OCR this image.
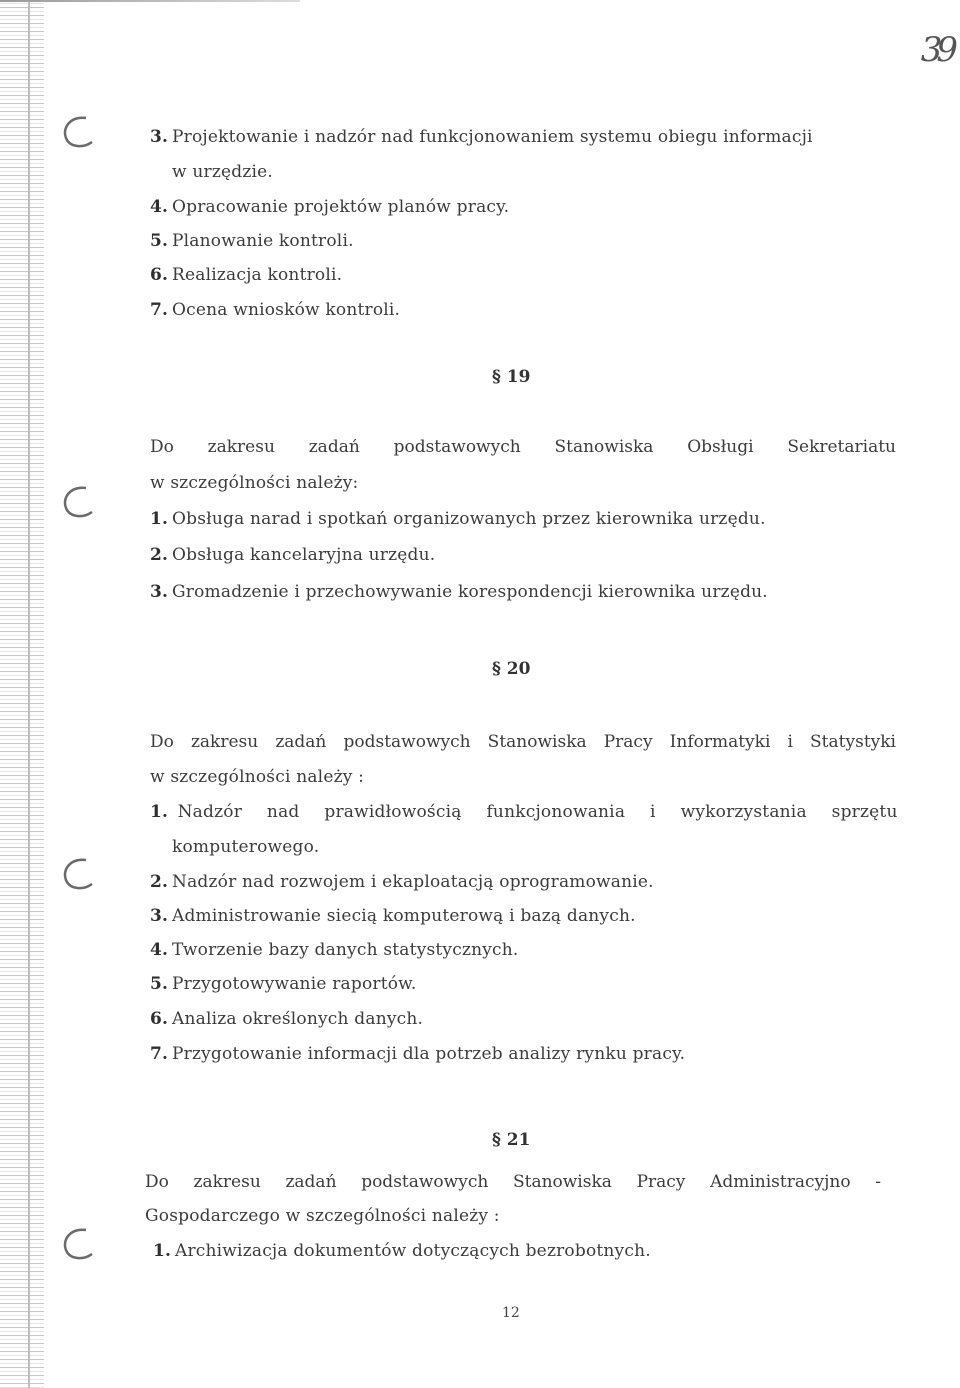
39
3. Projektowanie i nadzór nad funkcjonowaniem systemu obiegu informacji
w urzędzie.
4. Opracowanie projektów planów pracy.
5. Planowanie kontroli.
6. Realizacja kontroli.
7. Ocena wniosków kontroli.
§ 19
Do zakresu zadań podstawowych Stanowiska Obsługi Sekretariatu
w szczególności należy:
1. Obsługa narad i spotkań organizowanych przez kierownika urzędu.
2. Obsługa kancelaryjna urzędu.
3. Gromadzenie i przechowywanie korespondencji kierownika urzędu.
§ 20
Do zakresu zadań podstawowych Stanowiska Pracy Informatyki i Statystyki
w szczególności należy :
1. Nadzór nad prawidłowością funkcjonowania i wykorzystania sprzętu
komputerowego.
2. Nadzór nad rozwojem i ekaploatacją oprogramowanie.
3. Administrowanie siecią komputerową i bazą danych.
4. Tworzenie bazy danych statystycznych.
5. Przygotowywanie raportów.
6. Analiza określonych danych.
7. Przygotowanie informacji dla potrzeb analizy rynku pracy.
§ 21
Do zakresu zadań podstawowych Stanowiska Pracy Administracyjno -
Gospodarczego w szczególności należy :
1. Archiwizacja dokumentów dotyczących bezrobotnych.
12
